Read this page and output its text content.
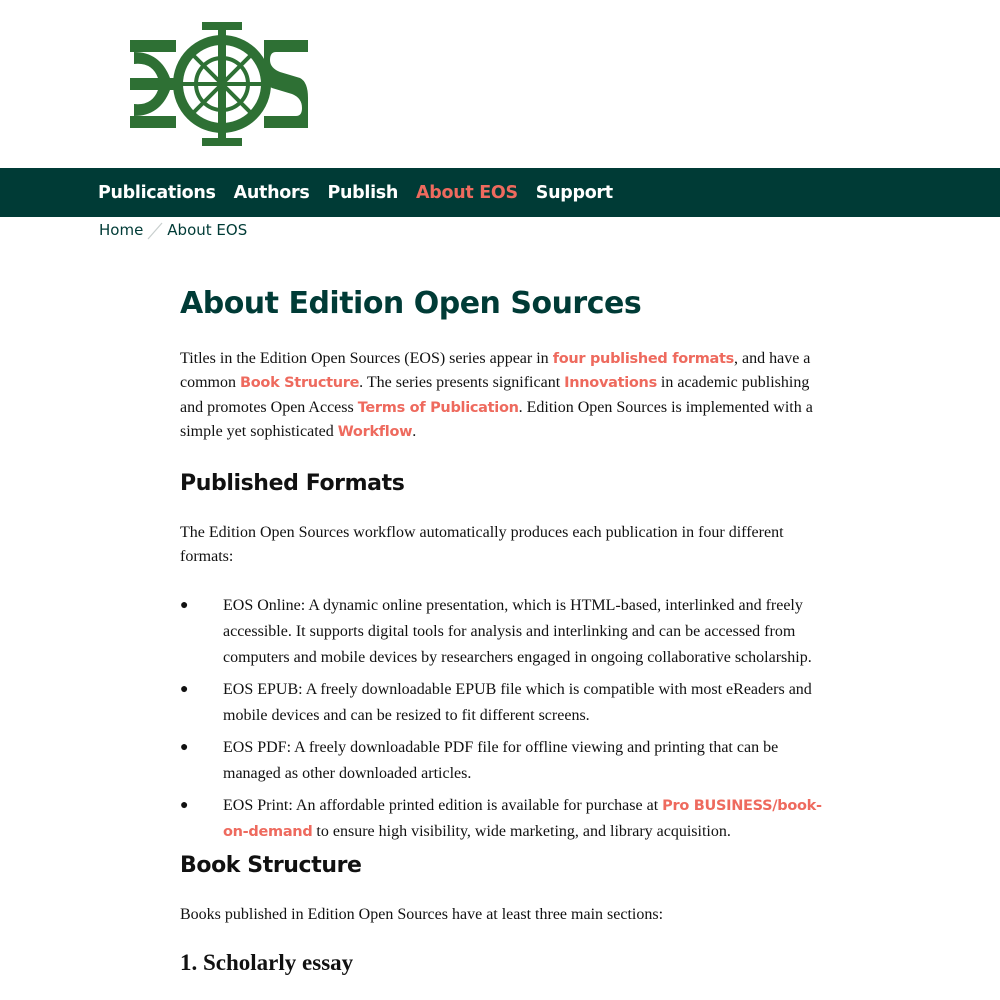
Publications Authors Publish About EOS Support
Home About EOS
About Edition Open Sources

Titles in the Edition Open Sources (EOS) series appear in four published formats, and have a common Book Structure. The series presents significant Innovations in academic publishing and promotes Open Access Terms of Publication. Edition Open Sources is implemented with a simple yet sophisticated Workflow.

Published Formats

The Edition Open Sources workflow automatically produces each publication in four different formats:

● EOS Online: A dynamic online presentation, which is HTML-based, interlinked and freely accessible. It supports digital tools for analysis and interlinking and can be accessed from computers and mobile devices by researchers engaged in ongoing collaborative scholarship.
● EOS EPUB: A freely downloadable EPUB file which is compatible with most eReaders and mobile devices and can be resized to fit different screens.
● EOS PDF: A freely downloadable PDF file for offline viewing and printing that can be managed as other downloaded articles.
● EOS Print: An affordable printed edition is available for purchase at Pro BUSINESS/book-on-demand to ensure high visibility, wide marketing, and library acquisition.
Book Structure

Books published in Edition Open Sources have at least three main sections:

1. Scholarly essay
